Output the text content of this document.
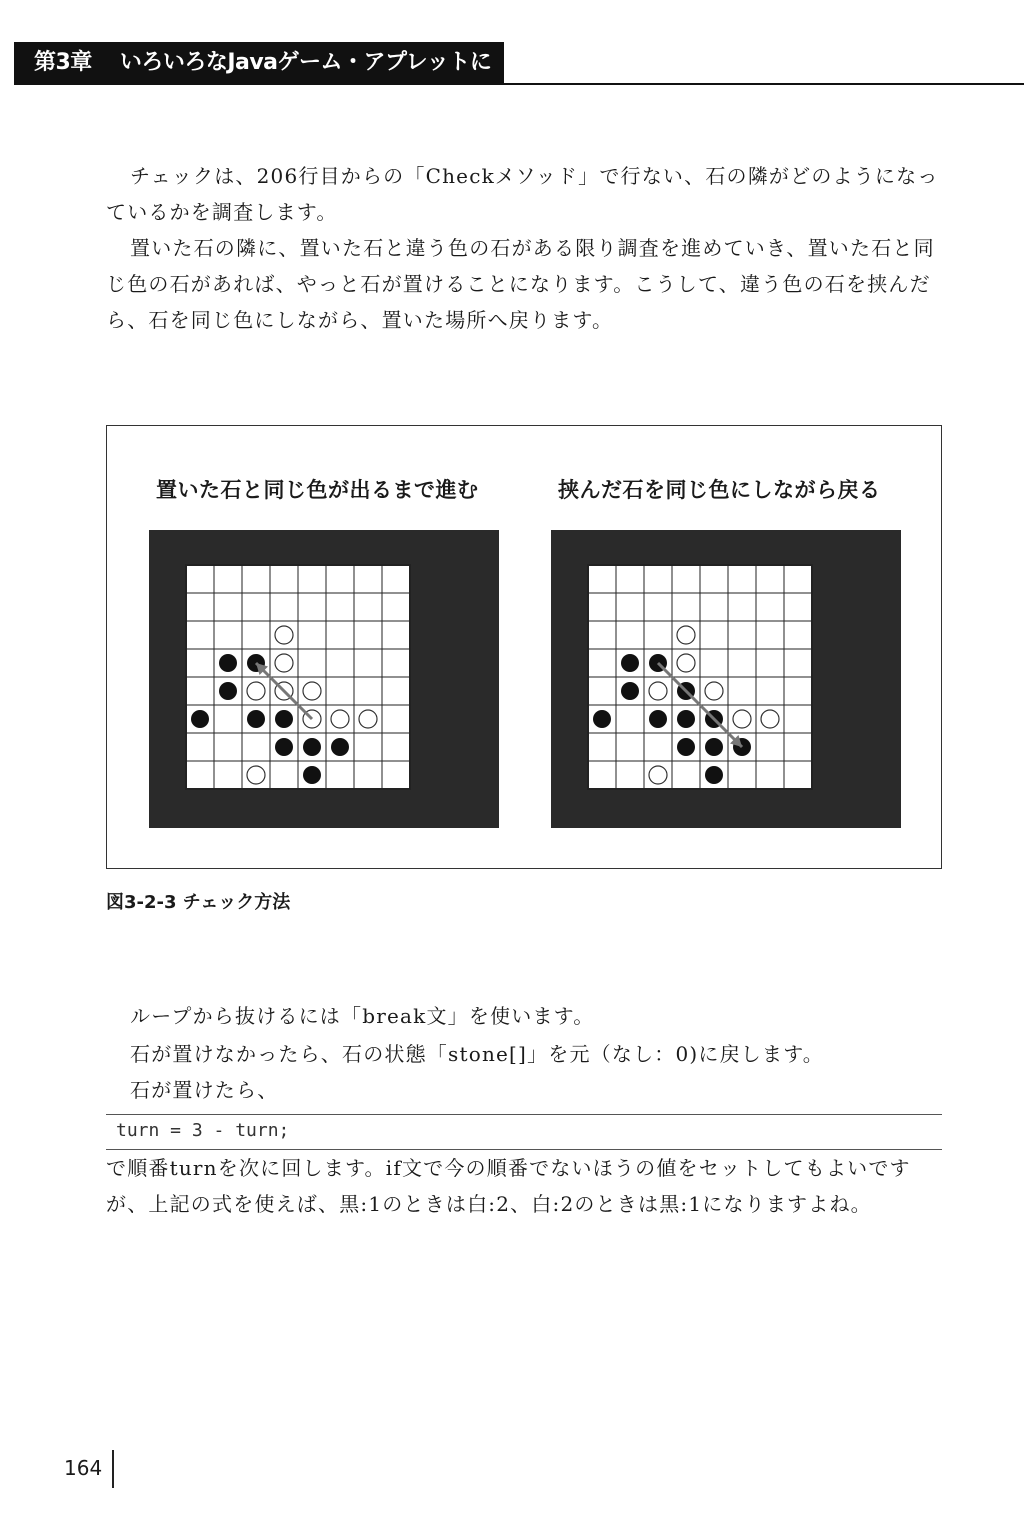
第3章 いろいろなJavaゲーム・アプレットに挑戦！

チェックは、206行目からの「Checkメソッド」で行ない、石の隣がどのようになっているかを調査します。

置いた石の隣に、置いた石と違う色の石がある限り調査を進めていき、置いた石と同じ色の石があれば、やっと石が置けることになります。こうして、違う色の石を挟んだら、石を同じ色にしながら、置いた場所へ戻ります。

置いた石と同じ色が出るまで進む	挟んだ石を同じ色にしながら戻る
図3-2-3 チェック方法

ループから抜けるには「break文」を使います。

石が置けなかったら、石の状態「stone[]」を元（なし：0)に戻します。

石が置けたら、

turn = 3 - turn;

で順番turnを次に回します。if文で今の順番でないほうの値をセットしてもよいですが、上記の式を使えば、黒:1のときは白:2、白:2のときは黒:1になりますよね。

164
